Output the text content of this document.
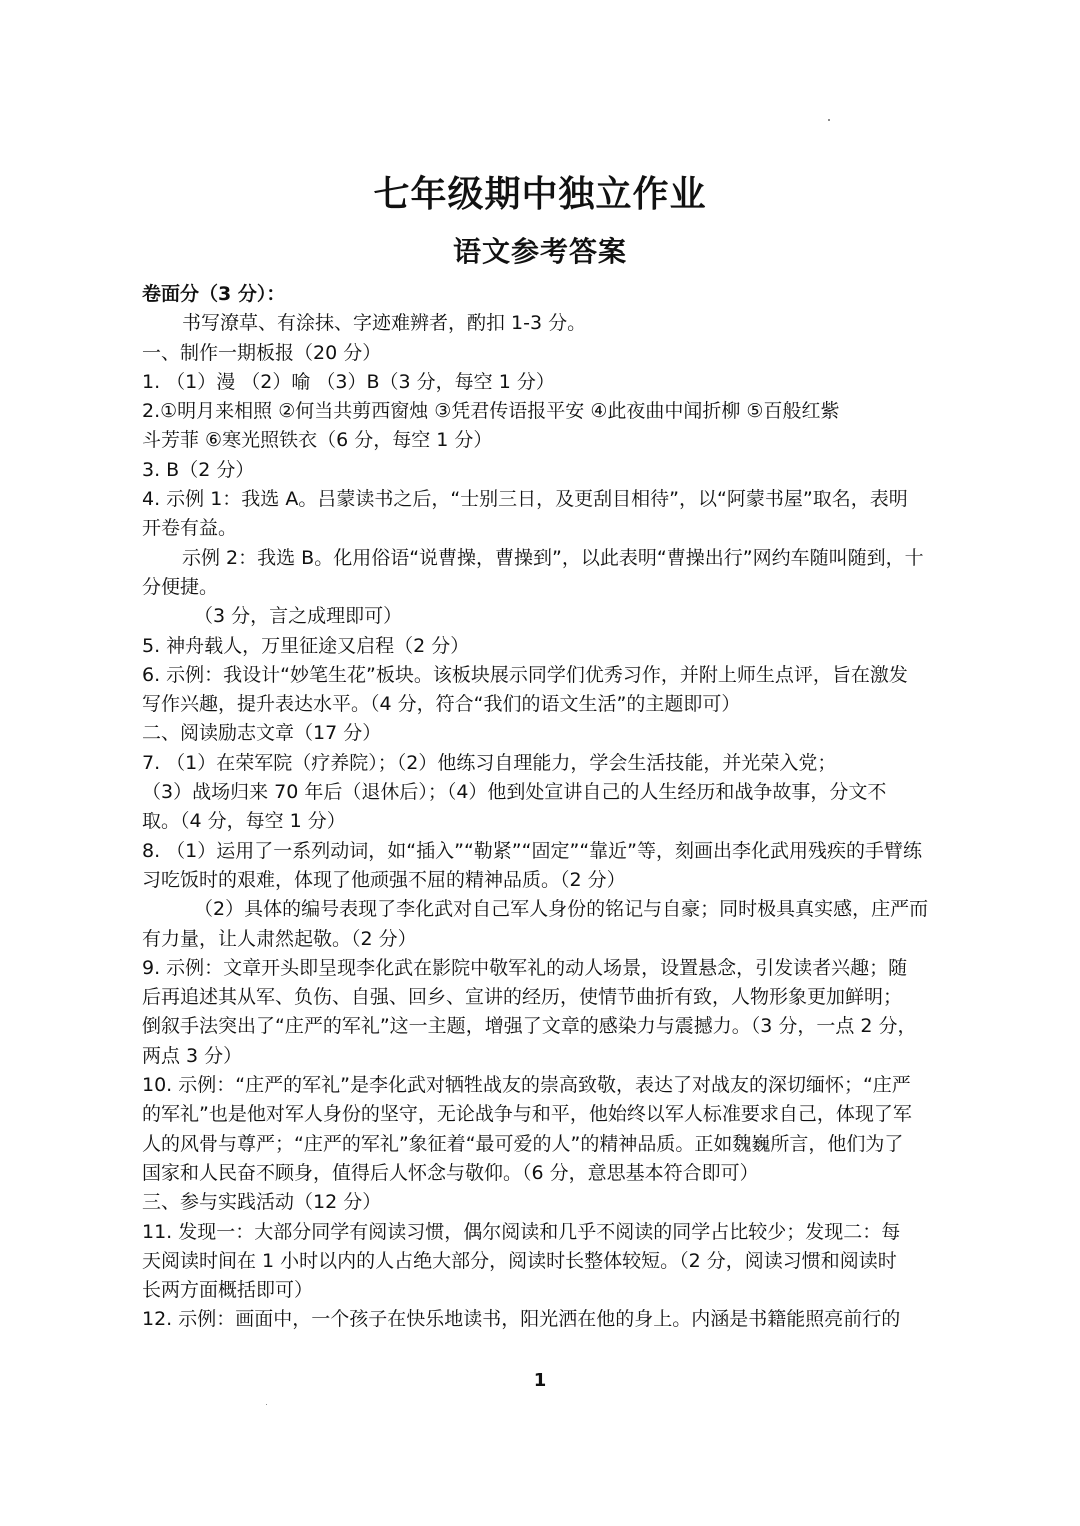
七年级期中独立作业
语文参考答案

卷面分（3 分）：

书写潦草、有涂抹、字迹难辨者，酌扣 1-3 分。

一、制作一期板报（20 分）

1. （1）漫 （2）喻 （3）B（3 分，每空 1 分）

2.①明月来相照 ②何当共剪西窗烛 ③凭君传语报平安 ④此夜曲中闻折柳 ⑤百般红紫

斗芳菲 ⑥寒光照铁衣（6 分，每空 1 分）

3. B（2 分）

4. 示例 1：我选 A。吕蒙读书之后，“士别三日，及更刮目相待”，以“阿蒙书屋”取名，表明

开卷有益。

示例 2：我选 B。化用俗语“说曹操，曹操到”，以此表明“曹操出行”网约车随叫随到，十

分便捷。

（3 分，言之成理即可）

5. 神舟载人，万里征途又启程（2 分）

6. 示例：我设计“妙笔生花”板块。该板块展示同学们优秀习作，并附上师生点评，旨在激发

写作兴趣，提升表达水平。（4 分，符合“我们的语文生活”的主题即可）

二、阅读励志文章（17 分）

7. （1）在荣军院（疗养院）；（2）他练习自理能力，学会生活技能，并光荣入党；

（3）战场归来 70 年后（退休后）；（4）他到处宣讲自己的人生经历和战争故事，分文不

取。（4 分，每空 1 分）

8. （1）运用了一系列动词，如“插入”“勒紧”“固定”“靠近”等，刻画出李化武用残疾的手臂练

习吃饭时的艰难，体现了他顽强不屈的精神品质。（2 分）

（2）具体的编号表现了李化武对自己军人身份的铭记与自豪；同时极具真实感，庄严而

有力量，让人肃然起敬。（2 分）

9. 示例：文章开头即呈现李化武在影院中敬军礼的动人场景，设置悬念，引发读者兴趣；随

后再追述其从军、负伤、自强、回乡、宣讲的经历，使情节曲折有致，人物形象更加鲜明；

倒叙手法突出了“庄严的军礼”这一主题，增强了文章的感染力与震撼力。（3 分，一点 2 分，

两点 3 分）

10. 示例：“庄严的军礼”是李化武对牺牲战友的崇高致敬，表达了对战友的深切缅怀；“庄严

的军礼”也是他对军人身份的坚守，无论战争与和平，他始终以军人标准要求自己，体现了军

人的风骨与尊严；“庄严的军礼”象征着“最可爱的人”的精神品质。正如魏巍所言，他们为了

国家和人民奋不顾身，值得后人怀念与敬仰。（6 分，意思基本符合即可）

三、参与实践活动（12 分）

11. 发现一：大部分同学有阅读习惯，偶尔阅读和几乎不阅读的同学占比较少；发现二：每

天阅读时间在 1 小时以内的人占绝大部分，阅读时长整体较短。（2 分，阅读习惯和阅读时

长两方面概括即可）

12. 示例：画面中，一个孩子在快乐地读书，阳光洒在他的身上。内涵是书籍能照亮前行的

1
